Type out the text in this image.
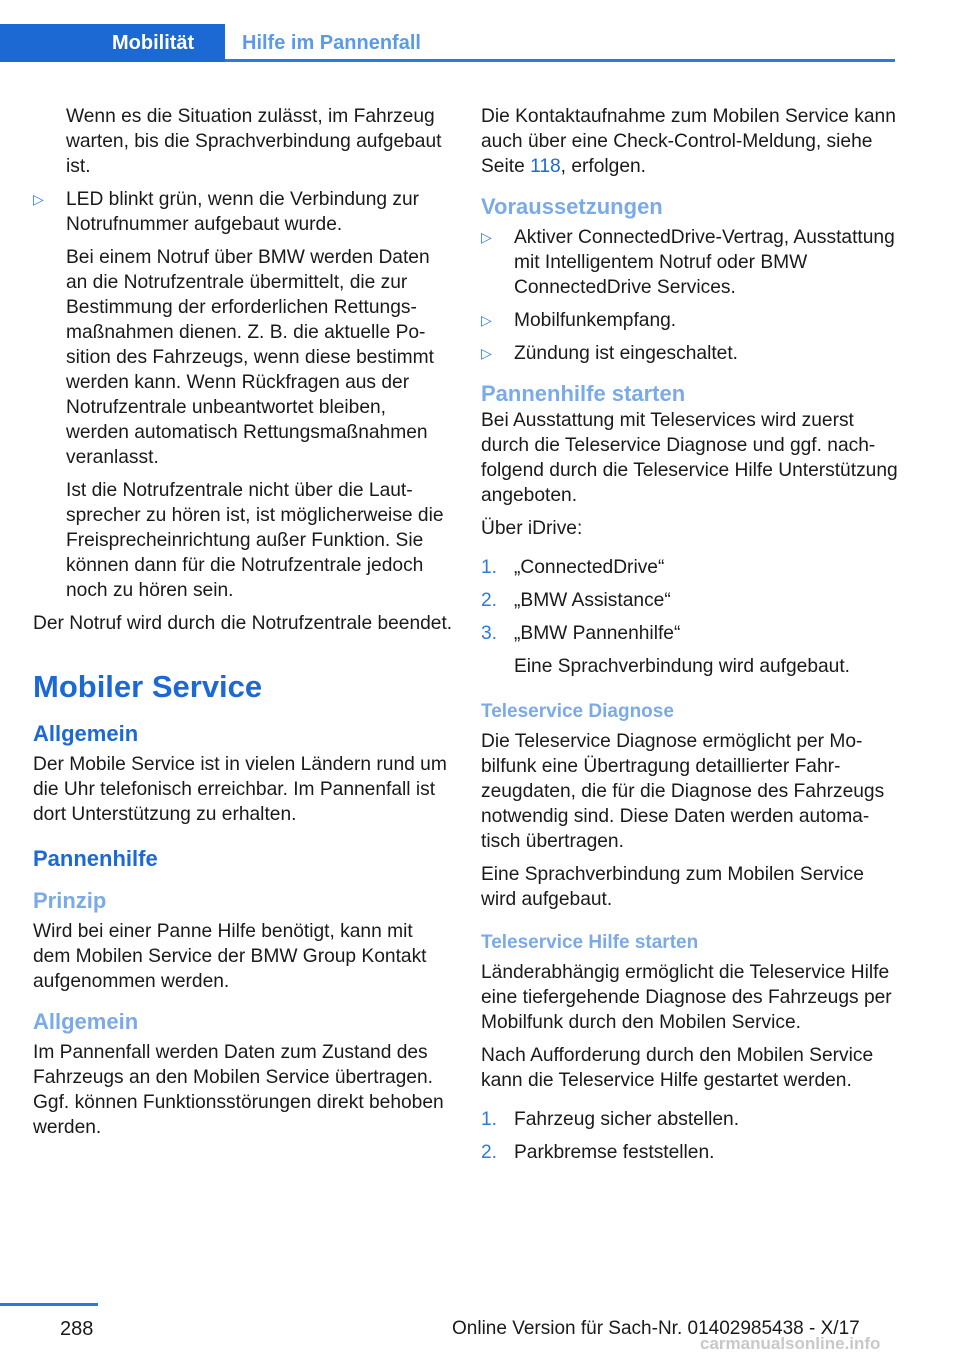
Mobilität Hilfe im Pannenfall

Wenn es die Situation zulässt, im Fahrzeug warten, bis die Sprachverbindung aufgebaut ist.

▷	LED blinkt grün, wenn die Verbindung zur Notrufnummer aufgebaut wurde.

Bei einem Notruf über BMW werden Daten an die Notrufzentrale übermittelt, die zur Bestimmung der erforderlichen Rettungsmaßnahmen dienen. Z. B. die aktuelle Position des Fahrzeugs, wenn diese bestimmt werden kann. Wenn Rückfragen aus der Notrufzentrale unbeantwortet bleiben, werden automatisch Rettungsmaßnahmen veranlasst.

Ist die Notrufzentrale nicht über die Lautsprecher zu hören ist, ist möglicherweise die Freisprecheinrichtung außer Funktion. Sie können dann für die Notrufzentrale jedoch noch zu hören sein.

Der Notruf wird durch die Notrufzentrale beendet.

Mobiler Service
Allgemein

Der Mobile Service ist in vielen Ländern rund um die Uhr telefonisch erreichbar. Im Pannenfall ist dort Unterstützung zu erhalten.

Pannenhilfe
Prinzip

Wird bei einer Panne Hilfe benötigt, kann mit dem Mobilen Service der BMW Group Kontakt aufgenommen werden.

Allgemein

Im Pannenfall werden Daten zum Zustand des Fahrzeugs an den Mobilen Service übertragen. Ggf. können Funktionsstörungen direkt behoben werden.

Die Kontaktaufnahme zum Mobilen Service kann auch über eine Check-Control-Meldung, siehe Seite 118, erfolgen.

Voraussetzungen
▷	Aktiver ConnectedDrive-Vertrag, Ausstattung mit Intelligentem Notruf oder BMW ConnectedDrive Services.
▷	Mobilfunkempfang.
▷	Zündung ist eingeschaltet.
Pannenhilfe starten

Bei Ausstattung mit Teleservices wird zuerst durch die Teleservice Diagnose und ggf. nachfolgend durch die Teleservice Hilfe Unterstützung angeboten.

Über iDrive:

1. „ConnectedDrive“
2. „BMW Assistance“
3. „BMW Pannenhilfe“

Eine Sprachverbindung wird aufgebaut.

Teleservice Diagnose

Die Teleservice Diagnose ermöglicht per Mobilfunk eine Übertragung detaillierter Fahrzeugdaten, die für die Diagnose des Fahrzeugs notwendig sind. Diese Daten werden automatisch übertragen.

Eine Sprachverbindung zum Mobilen Service wird aufgebaut.

Teleservice Hilfe starten

Länderabhängig ermöglicht die Teleservice Hilfe eine tiefergehende Diagnose des Fahrzeugs per Mobilfunk durch den Mobilen Service.

Nach Aufforderung durch den Mobilen Service kann die Teleservice Hilfe gestartet werden.

1. Fahrzeug sicher abstellen.
2. Parkbremse feststellen.
288	Online Version für Sach-Nr. 01402985438 - X/17
carmanualsonline.info
